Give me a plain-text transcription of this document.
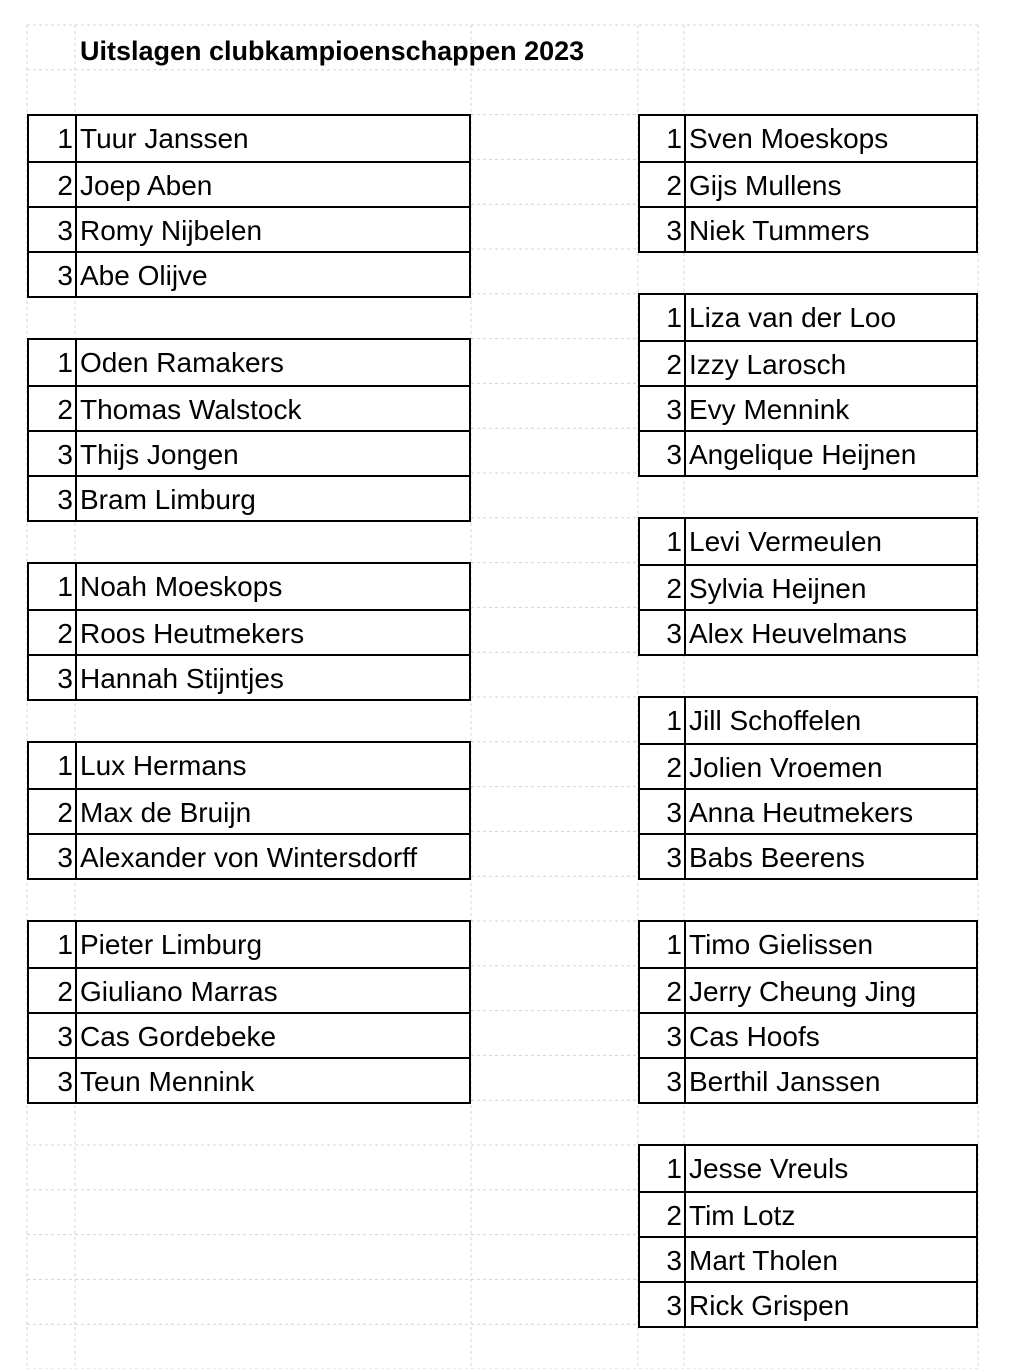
Uitslagen clubkampioenschappen 2023
1 Tuur Janssen
2 Joep Aben
3 Romy Nijbelen
3 Abe Olijve
1 Oden Ramakers
2 Thomas Walstock
3 Thijs Jongen
3 Bram Limburg
1 Noah Moeskops
2 Roos Heutmekers
3 Hannah Stijntjes
1 Lux Hermans
2 Max de Bruijn
3 Alexander von Wintersdorff
1 Pieter Limburg
2 Giuliano Marras
3 Cas Gordebeke
3 Teun Mennink
1 Sven Moeskops
2 Gijs Mullens
3 Niek Tummers
1 Liza van der Loo
2 Izzy Larosch
3 Evy Mennink
3 Angelique Heijnen
1 Levi Vermeulen
2 Sylvia Heijnen
3 Alex Heuvelmans
1 Jill Schoffelen
2 Jolien Vroemen
3 Anna Heutmekers
3 Babs Beerens
1 Timo Gielissen
2 Jerry Cheung Jing
3 Cas Hoofs
3 Berthil Janssen
1 Jesse Vreuls
2 Tim Lotz
3 Mart Tholen
3 Rick Grispen
